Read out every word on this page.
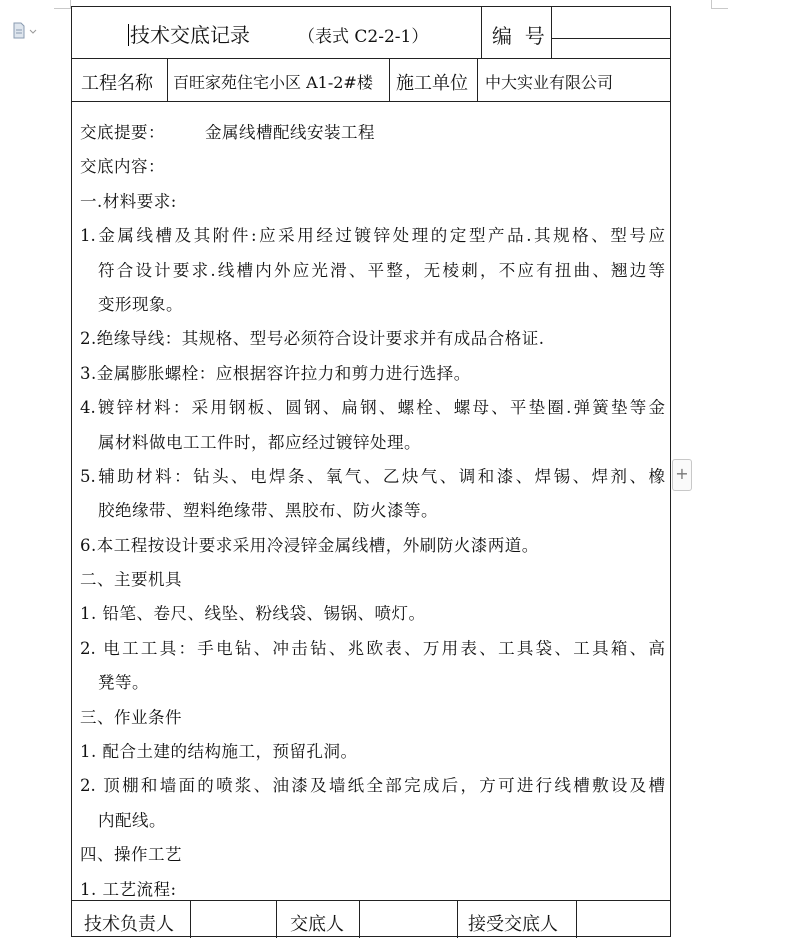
+
技术交底记录	（表式 C2-2-1）	编  号
工程名称 百旺家苑住宅小区 A1-2#楼 施工单位 中大实业有限公司
交底提要： 金属线槽配线安装工程
交底内容：
一.材料要求:
1.金属线槽及其附件:应采用经过镀锌处理的定型产品.其规格、型号应
符合设计要求.线槽内外应光滑、平整，无棱刺，不应有扭曲、翘边等
变形现象。
2.绝缘导线：其规格、型号必须符合设计要求并有成品合格证.
3.金属膨胀螺栓：应根据容许拉力和剪力进行选择。
4.镀锌材料：采用钢板、圆钢、扁钢、螺栓、螺母、平垫圈.弹簧垫等金
属材料做电工工件时，都应经过镀锌处理。
5.辅助材料：钻头、电焊条、氧气、乙炔气、调和漆、焊锡、焊剂、橡
胶绝缘带、塑料绝缘带、黑胶布、防火漆等。
6.本工程按设计要求采用冷浸锌金属线槽，外刷防火漆两道。
二、主要机具
1. 铅笔、卷尺、线坠、粉线袋、锡锅、喷灯。
2. 电工工具：手电钻、冲击钻、兆欧表、万用表、工具袋、工具箱、高
凳等。
三、作业条件
1. 配合土建的结构施工，预留孔洞。
2. 顶棚和墙面的喷浆、油漆及墙纸全部完成后，方可进行线槽敷设及槽
内配线。
四、操作工艺
1. 工艺流程:
技术负责人	交底人	接受交底人
